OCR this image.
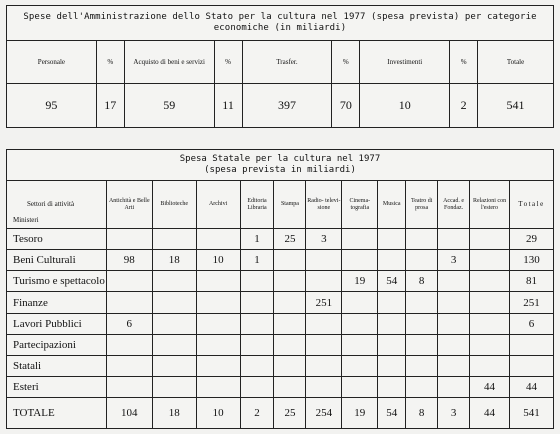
Spese dell'Amministrazione dello Stato per la cultura nel 1977 (spesa prevista) per categorie economiche (in miliardi)								
Personale	%	Acquisto di beni e servizi	%	Trasfer.	%	Investimenti	%	Totale
95	17	59	11	397	70	10	2	541
Spesa Statale per la cultura nel 1977
(spesa prevista in miliardi)												

Settori di attività
Ministeri	Antichità e Belle Arti	Biblioteche	Archivi	Editoria Libraria	Stampa	Radio- televi- sione	Cinema- tografia	Musica	Teatro di prosa	Accad. e Fondaz.	Relazioni con l'estero	Totale
Tesoro				1	25	3						29
Beni Culturali	98	18	10	1						3		130
Turismo e spettacolo							19	54	8			81
Finanze						251						251
Lavori Pubblici	6											6
Partecipazioni												
Statali												
Esteri											44	44
TOTALE	104	18	10	2	25	254	19	54	8	3	44	541
